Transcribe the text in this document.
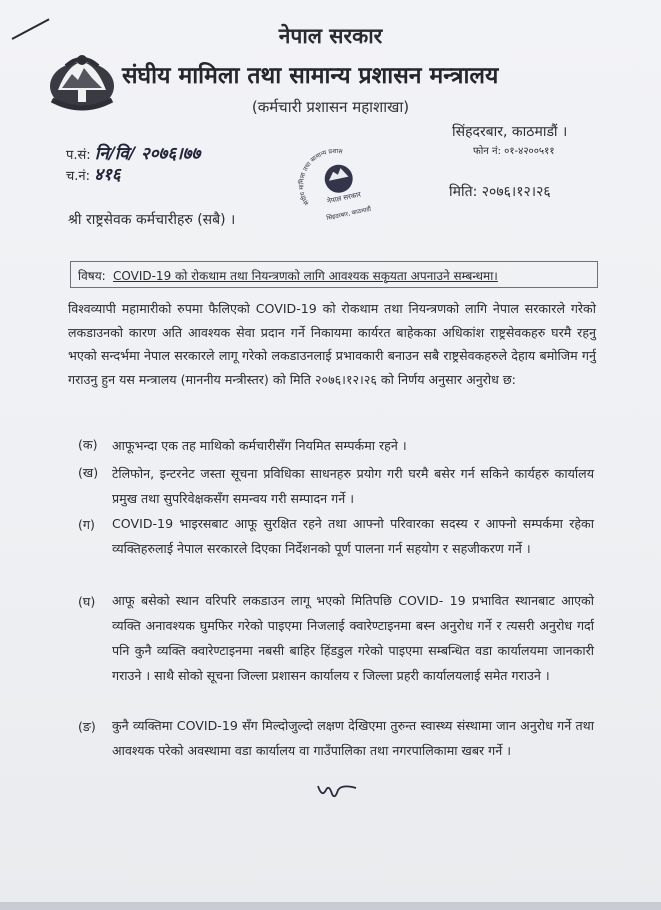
नेपाल सरकार
संघीय मामिला तथा सामान्य प्रशासन मन्त्रालय
(कर्मचारी प्रशासन महाशाखा)
सिंहदरबार, काठमाडौं ।
फोन नं: ०१-४२००५११
प.सं: नि/वि/ २०७६।७७
च.नं: ४१६
संघीय मामिला तथा सामान्य प्रशासन
नेपाल सरकार
सिंहदरबार, काठमाडौं
मिति: २०७६।१२।२६
श्री राष्ट्रसेवक कर्मचारीहरु (सबै) ।
विषय: COVID-19 को रोकथाम तथा नियन्त्रणको लागि आवश्यक सकृयता अपनाउने सम्बन्धमा।
विश्वव्यापी महामारीको रुपमा फैलिएको COVID-19 को रोकथाम तथा नियन्त्रणको लागि नेपाल सरकारले गरेको लकडाउनको कारण अति आवश्यक सेवा प्रदान गर्ने निकायमा कार्यरत बाहेकका अधिकांश राष्ट्रसेवकहरु घरमै रहनु भएको सन्दर्भमा नेपाल सरकारले लागू गरेको लकडाउनलाई प्रभावकारी बनाउन सबै राष्ट्रसेवकहरुले देहाय बमोजिम गर्नु गराउनु हुन यस मन्त्रालय (माननीय मन्त्रीस्तर) को मिति २०७६।१२।२६ को निर्णय अनुसार अनुरोध छ:
(क) आफूभन्दा एक तह माथिको कर्मचारीसँग नियमित सम्पर्कमा रहने ।
(ख) टेलिफोन, इन्टरनेट जस्ता सूचना प्रविधिका साधनहरु प्रयोग गरी घरमै बसेर गर्न सकिने कार्यहरु कार्यालय प्रमुख तथा सुपरिवेक्षकसँग समन्वय गरी सम्पादन गर्ने ।
(ग) COVID-19 भाइरसबाट आफू सुरक्षित रहने तथा आफ्नो परिवारका सदस्य र आफ्नो सम्पर्कमा रहेका व्यक्तिहरुलाई नेपाल सरकारले दिएका निर्देशनको पूर्ण पालना गर्न सहयोग र सहजीकरण गर्ने ।
(घ) आफू बसेको स्थान वरिपरि लकडाउन लागू भएको मितिपछि COVID- 19 प्रभावित स्थानबाट आएको व्यक्ति अनावश्यक घुमफिर गरेको पाइएमा निजलाई क्वारेण्टाइनमा बस्न अनुरोध गर्ने र त्यसरी अनुरोध गर्दा पनि कुनै व्यक्ति क्वारेण्टाइनमा नबसी बाहिर हिंडडुल गरेको पाइएमा सम्बन्धित वडा कार्यालयमा जानकारी गराउने । साथै सोको सूचना जिल्ला प्रशासन कार्यालय र जिल्ला प्रहरी कार्यालयलाई समेत गराउने ।
(ङ) कुनै व्यक्तिमा COVID-19 सँग मिल्दोजुल्दो लक्षण देखिएमा तुरुन्त स्वास्थ्य संस्थामा जान अनुरोध गर्ने तथा आवश्यक परेको अवस्थामा वडा कार्यालय वा गाउँपालिका तथा नगरपालिकामा खबर गर्ने ।
